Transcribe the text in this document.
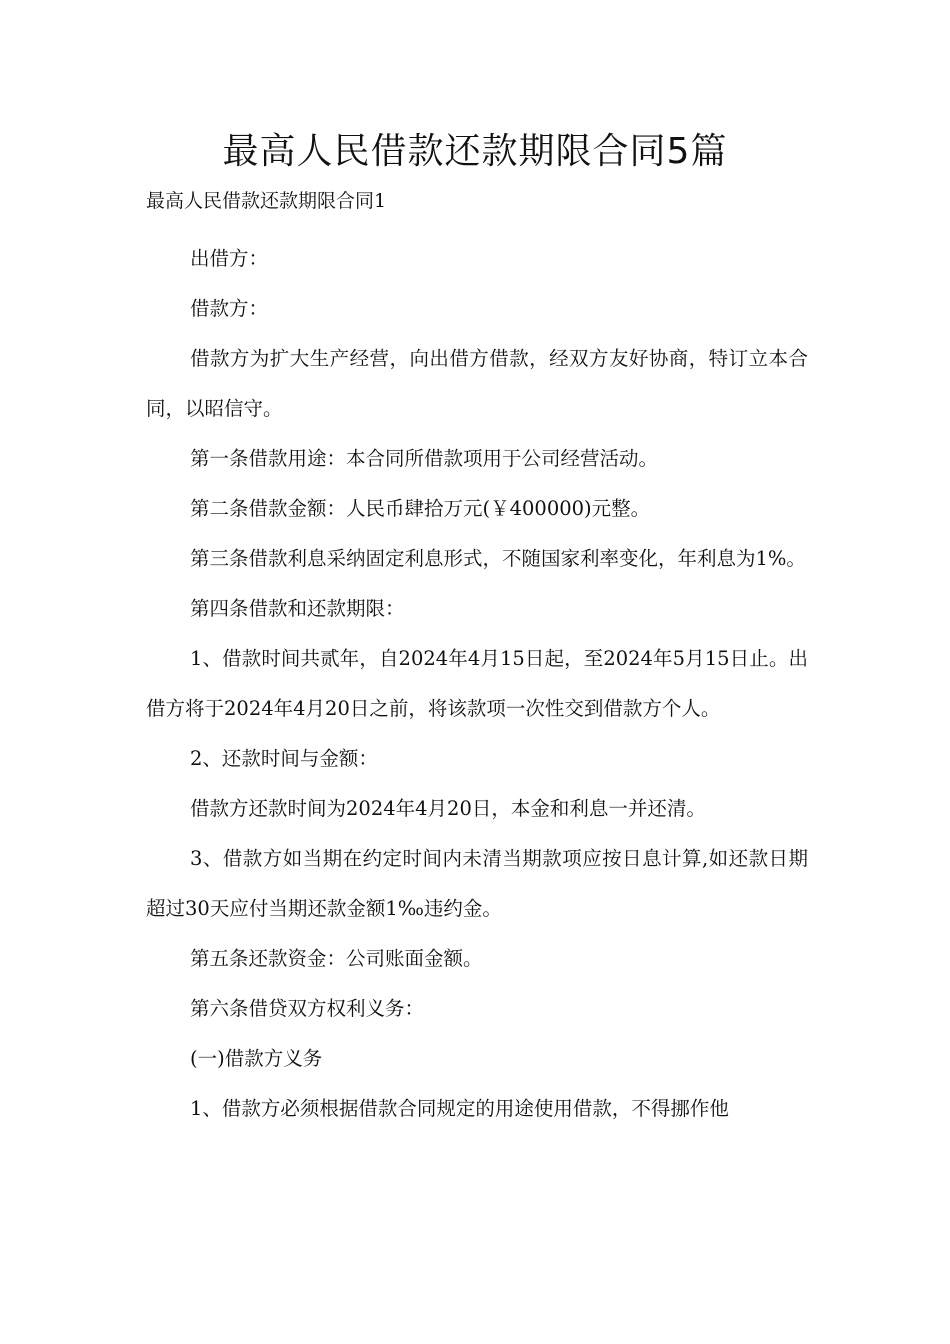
最高人民借款还款期限合同5篇
最高人民借款还款期限合同1

出借方：

借款方：

借款方为扩大生产经营，向出借方借款，经双方友好协商，特订立本合同，以昭信守。

第一条借款用途：本合同所借款项用于公司经营活动。

第二条借款金额：人民币肆拾万元(￥400000)元整。

第三条借款利息采纳固定利息形式，不随国家利率变化，年利息为1%。

第四条借款和还款期限：

1、借款时间共贰年，自2024年4月15日起，至2024年5月15日止。出借方将于2024年4月20日之前，将该款项一次性交到借款方个人。

2、还款时间与金额：

借款方还款时间为2024年4月20日，本金和利息一并还清。

3、借款方如当期在约定时间内未清当期款项应按日息计算,如还款日期超过30天应付当期还款金额1‰违约金。

第五条还款资金：公司账面金额。

第六条借贷双方权利义务：

(一)借款方义务

1、借款方必须根据借款合同规定的用途使用借款，不得挪作他
